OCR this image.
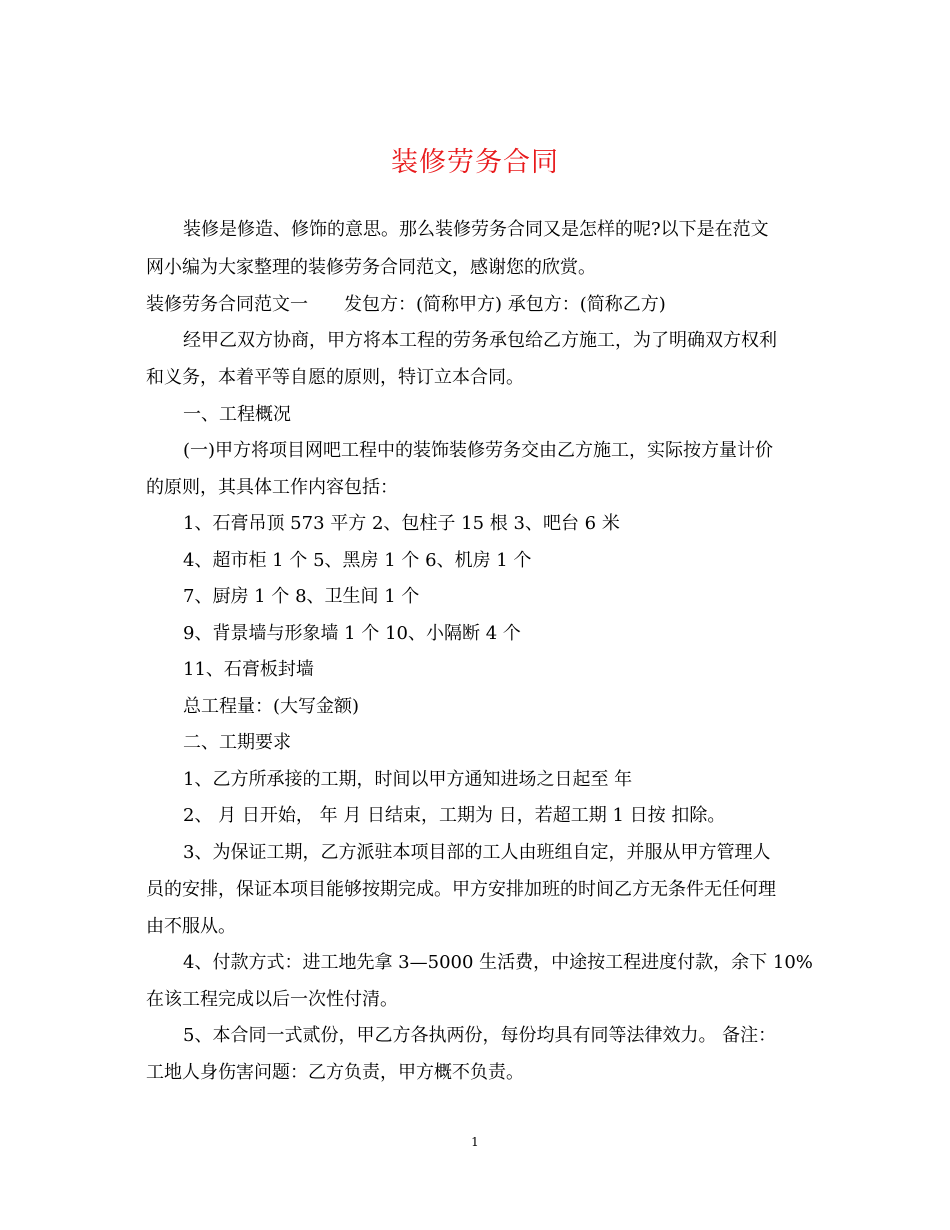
装修劳务合同
装修是修造、修饰的意思。那么装修劳务合同又是怎样的呢?以下是在范文
网小编为大家整理的装修劳务合同范文，感谢您的欣赏。
装修劳务合同范文一　　发包方：(简称甲方) 承包方：(简称乙方)
经甲乙双方协商，甲方将本工程的劳务承包给乙方施工，为了明确双方权利
和义务，本着平等自愿的原则，特订立本合同。
一、工程概况
(一)甲方将项目网吧工程中的装饰装修劳务交由乙方施工，实际按方量计价
的原则，其具体工作内容包括：
1、石膏吊顶 573 平方 2、包柱子 15 根 3、吧台 6 米
4、超市柜 1 个 5、黑房 1 个 6、机房 1 个
7、厨房 1 个 8、卫生间 1 个
9、背景墙与形象墙 1 个 10、小隔断 4 个
11、石膏板封墙
总工程量：(大写金额)
二、工期要求
1、乙方所承接的工期，时间以甲方通知进场之日起至 年
2、 月 日开始， 年 月 日结束，工期为 日，若超工期 1 日按 扣除。
3、为保证工期，乙方派驻本项目部的工人由班组自定，并服从甲方管理人
员的安排，保证本项目能够按期完成。甲方安排加班的时间乙方无条件无任何理
由不服从。
4、付款方式：进工地先拿 3—5000 生活费，中途按工程进度付款，余下 10%
在该工程完成以后一次性付清。
5、本合同一式贰份，甲乙方各执两份，每份均具有同等法律效力。 备注：
工地人身伤害问题：乙方负责，甲方概不负责。
1
